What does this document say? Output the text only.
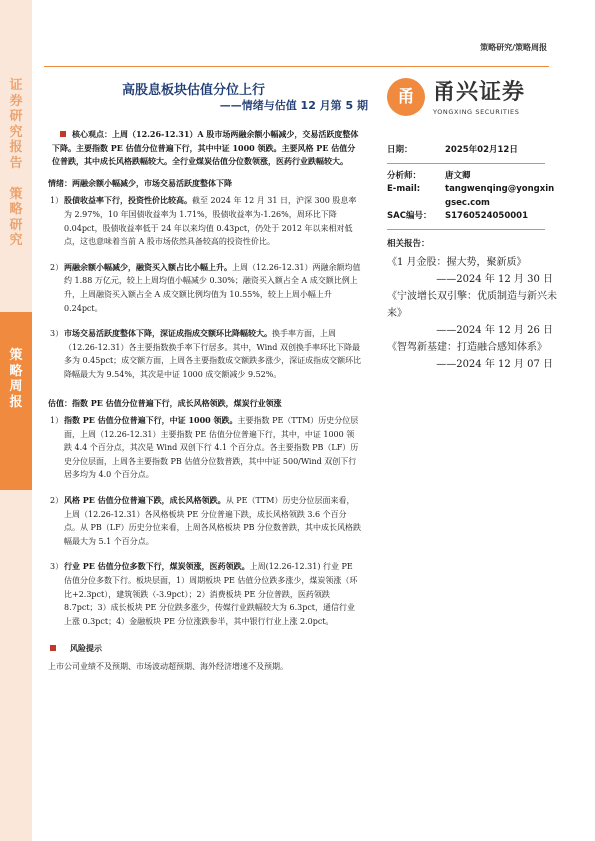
证券研究报告

策略研究
策略周报
策略研究/策略周报
高股息板块估值分位上行
——情绪与估值 12 月第 5 期 甬 甬兴证券
YONGXING SECURITIES

核心观点：上周（12.26-12.31）A 股市场两融余额小幅减少，交易活跃度整体下降。主要指数 PE 估值分位普遍下行，其中中证 1000 领跌。主要风格 PE 估值分位普跌，其中成长风格跌幅较大。全行业煤炭估值分位数领涨，医药行业跌幅较大。

情绪：两融余额小幅减少，市场交易活跃度整体下降
1） 股债收益率下行，投资性价比较高。截至 2024 年 12 月 31 日，沪深 300 股息率为 2.97%，10 年国债收益率为 1.71%，股债收益率为-1.26%，周环比下降 0.04pct，股债收益率低于 24 年以来均值 0.43pct，仍处于 2012 年以来相对低点，这也意味着当前 A 股市场依然具备较高的投资性价比。
2） 两融余额小幅减少，融资买入额占比小幅上升。上周（12.26-12.31）两融余额均值约 1.88 万亿元，较上上周均值小幅减少 0.30%；融资买入额占全 A 成交额比例上升，上周融资买入额占全 A 成交额比例均值为 10.55%，较上上周小幅上升 0.24pct。
3） 市场交易活跃度整体下降，深证成指成交额环比降幅较大。换手率方面，上周（12.26-12.31）各主要指数换手率下行居多。其中，Wind 双创换手率环比下降最多为 0.45pct；成交额方面，上周各主要指数成交额跌多涨少，深证成指成交额环比降幅最大为 9.54%，其次是中证 1000 成交额减少 9.52%。
估值：指数 PE 估值分位普遍下行，成长风格领跌，煤炭行业领涨
1） 指数 PE 估值分位普遍下行，中证 1000 领跌。主要指数 PE（TTM）历史分位层面，上周（12.26-12.31）主要指数 PE 估值分位普遍下行，其中，中证 1000 领跌 4.4 个百分点，其次是 Wind 双创下行 4.1 个百分点。各主要指数 PB（LF）历史分位层面，上周各主要指数 PB 估值分位数普跌，其中中证 500/Wind 双创下行居多均为 4.0 个百分点。
2） 风格 PE 估值分位普遍下跌，成长风格领跌。从 PE（TTM）历史分位层面来看，上周（12.26-12.31）各风格板块 PE 分位普遍下跌，成长风格领跌 3.6 个百分点。从 PB（LF）历史分位来看，上周各风格板块 PB 分位数普跌，其中成长风格跌幅最大为 5.1 个百分点。
3） 行业 PE 估值分位多数下行，煤炭领涨，医药领跌。上周(12.26-12.31) 行业 PE 估值分位多数下行。板块层面，1）周期板块 PE 估值分位跌多涨少，煤炭领涨（环比+2.3pct），建筑领跌（-3.9pct）；2）消费板块 PE 分位普跌，医药领跌 8.7pct；3）成长板块 PE 分位跌多涨少，传媒行业跌幅较大为 6.3pct，通信行业上涨 0.3pct；4）金融板块 PE 分位涨跌参半，其中银行行业上涨 2.0pct。
风险提示

上市公司业绩不及预期、市场波动超预期、海外经济增速不及预期。

日期：	2025年02月12日
分析师：	唐文卿
E-mail:	tangwenqing@yongxingsec.com
SAC编号： S1760524050001
相关报告：
《1 月金股：握大势，聚新质》
——2024 年 12 月 30 日
《宁波增长双引擎：优质制造与新兴未来》
——2024 年 12 月 26 日
《智驾新基建：打造融合感知体系》
——2024 年 12 月 07 日
